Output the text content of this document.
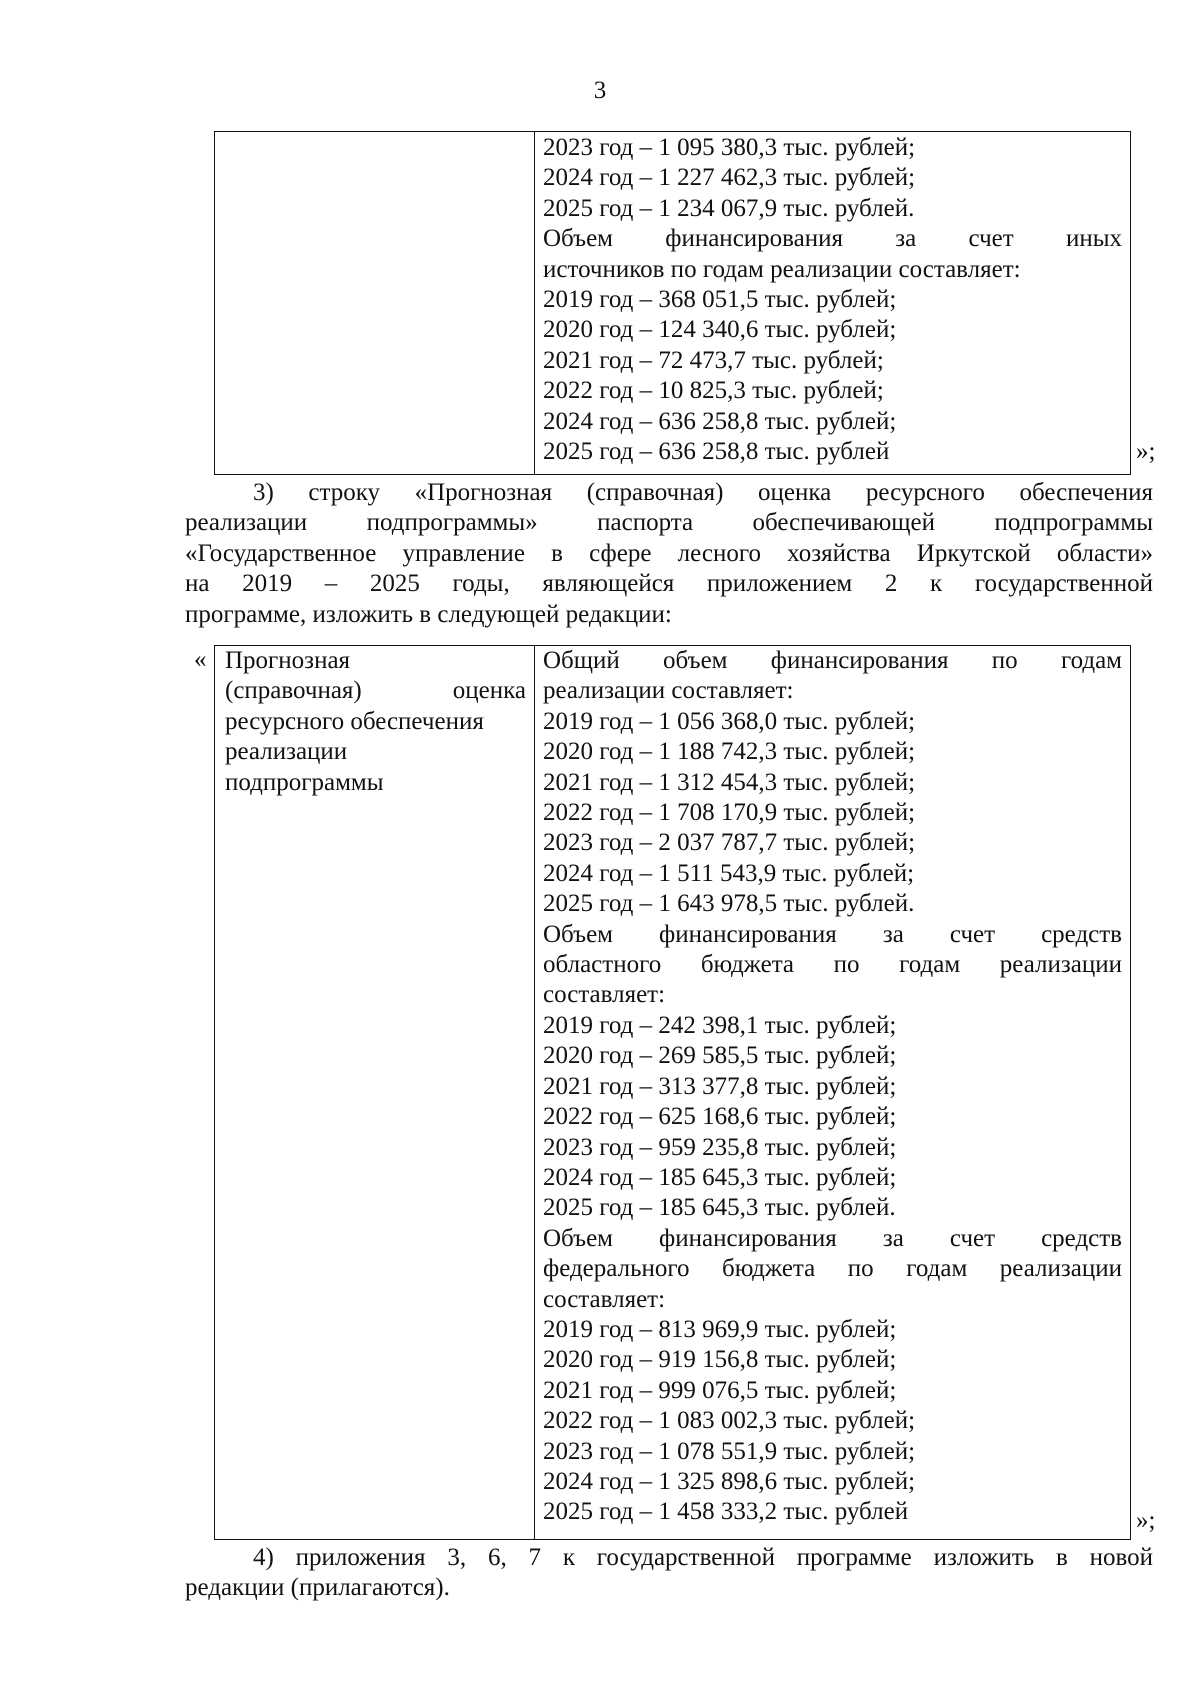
3
2023 год – 1 095 380,3 тыс. рублей;
2024 год – 1 227 462,3 тыс. рублей;
2025 год – 1 234 067,9 тыс. рублей.
Объем финансирования за счет иных
источников по годам реализации составляет:
2019 год – 368 051,5 тыс. рублей;
2020 год – 124 340,6 тыс. рублей;
2021 год – 72 473,7 тыс. рублей;
2022 год – 10 825,3 тыс. рублей;
2024 год – 636 258,8 тыс. рублей;
2025 год – 636 258,8 тыс. рублей	»;
3) строку «Прогнозная (справочная) оценка ресурсного обеспечения
реализации подпрограммы» паспорта обеспечивающей подпрограммы
«Государственное управление в сфере лесного хозяйства Иркутской области»
на 2019 – 2025 годы, являющейся приложением 2 к государственной
программе, изложить в следующей редакции:
« Прогнозная
(справочная) оценка
ресурсного обеспечения
реализации
подпрограммы
Общий объем финансирования по годам
реализации составляет:
2019 год – 1 056 368,0 тыс. рублей;
2020 год – 1 188 742,3 тыс. рублей;
2021 год – 1 312 454,3 тыс. рублей;
2022 год – 1 708 170,9 тыс. рублей;
2023 год – 2 037 787,7 тыс. рублей;
2024 год – 1 511 543,9 тыс. рублей;
2025 год – 1 643 978,5 тыс. рублей.
Объем финансирования за счет средств
областного бюджета по годам реализации
составляет:
2019 год – 242 398,1 тыс. рублей;
2020 год – 269 585,5 тыс. рублей;
2021 год – 313 377,8 тыс. рублей;
2022 год – 625 168,6 тыс. рублей;
2023 год – 959 235,8 тыс. рублей;
2024 год – 185 645,3 тыс. рублей;
2025 год – 185 645,3 тыс. рублей.
Объем финансирования за счет средств
федерального бюджета по годам реализации
составляет:
2019 год – 813 969,9 тыс. рублей;
2020 год – 919 156,8 тыс. рублей;
2021 год – 999 076,5 тыс. рублей;
2022 год – 1 083 002,3 тыс. рублей;
2023 год – 1 078 551,9 тыс. рублей;
2024 год – 1 325 898,6 тыс. рублей;
2025 год – 1 458 333,2 тыс. рублей	»;
4) приложения 3, 6, 7 к государственной программе изложить в новой
редакции (прилагаются).
